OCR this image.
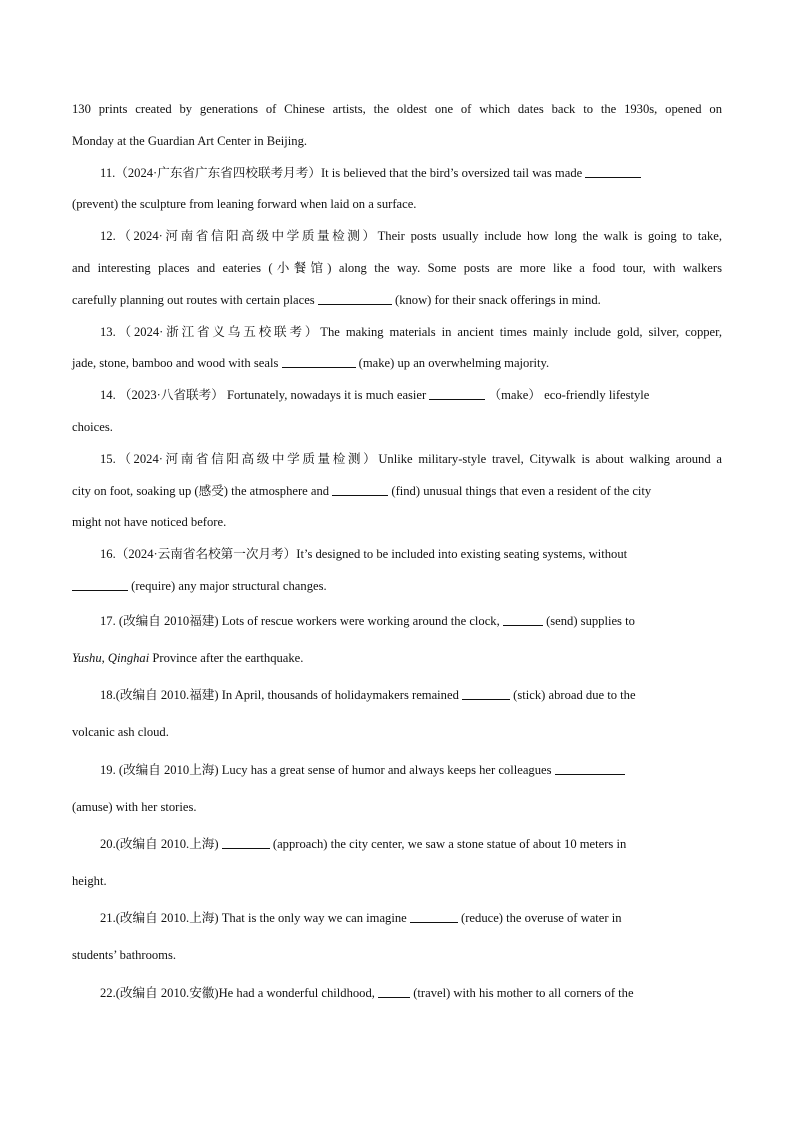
130 prints created by generations of Chinese artists, the oldest one of which dates back to the 1930s, opened on
Monday at the Guardian Art Center in Beijing.
11.（2024·广东省广东省四校联考月考）It is believed that the bird’s oversized tail was made
(prevent) the sculpture from leaning forward when laid on a surface.
12.（2024·河南省信阳高级中学质量检测）Their posts usually include how long the walk is going to take,
and interesting places and eateries (小餐馆) along the way. Some posts are more like a food tour, with walkers
carefully planning out routes with certain places	(know) for their snack offerings in mind.
13.（2024·浙江省义乌五校联考）The making materials in ancient times mainly include gold, silver, copper,
jade, stone, bamboo and wood with seals	(make) up an overwhelming majority.
14. （2023·八省联考） Fortunately, nowadays it is much easier	（make） eco-friendly lifestyle
choices.
15.（2024·河南省信阳高级中学质量检测）Unlike military-style travel, Citywalk is about walking around a
city on foot, soaking up (感受) the atmosphere and	(find) unusual things that even a resident of the city
might not have noticed before.
16.（2024·云南省名校第一次月考）It’s designed to be included into existing seating systems, without
(require) any major structural changes.
17. (改编自 2010福建) Lots of rescue workers were working around the clock,	(send) supplies to
Yushu, Qinghai Province after the earthquake.
18.(改编自 2010.福建) In April, thousands of holidaymakers remained	(stick) abroad due to the
volcanic ash cloud.
19. (改编自 2010上海) Lucy has a great sense of humor and always keeps her colleagues
(amuse) with her stories.
20.(改编自 2010.上海)	(approach) the city center, we saw a stone statue of about 10 meters in
height.
21.(改编自 2010.上海) That is the only way we can imagine	(reduce) the overuse of water in
students’ bathrooms.
22.(改编自 2010.安徽)He had a wonderful childhood,	(travel) with his mother to all corners of the
